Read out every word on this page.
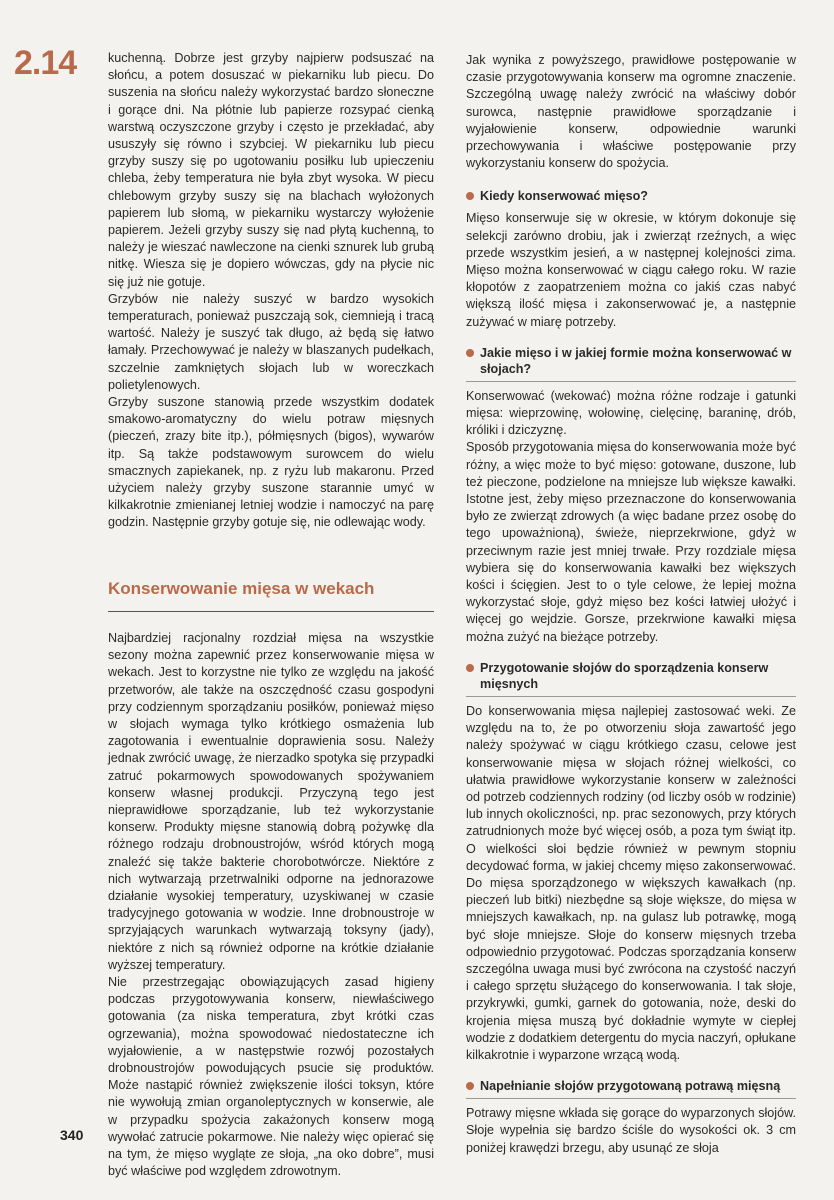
2.14	kuchenną. Dobrze jest grzyby najpierw podsuszać na słońcu, a potem dosuszać w piekarniku lub piecu. Do suszenia na słońcu należy wykorzystać bardzo słoneczne i gorące dni. Na płótnie lub papierze rozsypać cienką warstwą oczyszczone grzyby i często je przekładać, aby ususzyły się równo i szybciej. W piekarniku lub piecu grzyby suszy się po ugotowaniu posiłku lub upieczeniu chleba, żeby temperatura nie była zbyt wysoka. W piecu chlebowym grzyby suszy się na blachach wyłożonych papierem lub słomą, w piekarniku wystarczy wyłożenie papierem. Jeżeli grzyby suszy się nad płytą kuchenną, to należy je wieszać nawleczone na cienki sznurek lub grubą nitkę. Wiesza się je dopiero wówczas, gdy na płycie nic się już nie gotuje.

Grzybów nie należy suszyć w bardzo wysokich temperaturach, ponieważ puszczają sok, ciemnieją i tracą wartość. Należy je suszyć tak długo, aż będą się łatwo łamały. Przechowywać je należy w blaszanych pudełkach, szczelnie zamkniętych słojach lub w woreczkach polietylenowych.

Grzyby suszone stanowią przede wszystkim dodatek smakowo-aromatyczny do wielu potraw mięsnych (pieczeń, zrazy bite itp.), półmięsnych (bigos), wywarów itp. Są także podstawowym surowcem do wielu smacznych zapiekanek, np. z ryżu lub makaronu. Przed użyciem należy grzyby suszone starannie umyć w kilkakrotnie zmienianej letniej wodzie i namoczyć na parę godzin. Następnie grzyby gotuje się, nie odlewając wody.

Konserwowanie mięsa w wekach

Najbardziej racjonalny rozdział mięsa na wszystkie sezony można zapewnić przez konserwowanie mięsa w wekach. Jest to korzystne nie tylko ze względu na jakość przetworów, ale także na oszczędność czasu gospodyni przy codziennym sporządzaniu posiłków, ponieważ mięso w słojach wymaga tylko krótkiego osmażenia lub zagotowania i ewentualnie doprawienia sosu. Należy jednak zwrócić uwagę, że nierzadko spotyka się przypadki zatruć pokarmowych spowodowanych spożywaniem konserw własnej produkcji. Przyczyną tego jest nieprawidłowe sporządzanie, lub też wykorzystanie konserw. Produkty mięsne stanowią dobrą pożywkę dla różnego rodzaju drobnoustrojów, wśród których mogą znaleźć się także bakterie chorobotwórcze. Niektóre z nich wytwarzają przetrwalniki odporne na jednorazowe działanie wysokiej temperatury, uzyskiwanej w czasie tradycyjnego gotowania w wodzie. Inne drobnoustroje w sprzyjających warunkach wytwarzają toksyny (jady), niektóre z nich są również odporne na krótkie działanie wyższej temperatury.

Nie przestrzegając obowiązujących zasad higieny podczas przygotowywania konserw, niewłaściwego gotowania (za niska temperatura, zbyt krótki czas ogrzewania), można spowodować niedostateczne ich wyjałowienie, a w następstwie rozwój pozostałych drobnoustrojów powodujących psucie się produktów. Może nastąpić również zwiększenie ilości toksyn, które nie wywołują zmian organoleptycznych w konserwie, ale w przypadku spożycia zakażonych konserw mogą wywołać zatrucie pokarmowe. Nie należy więc opierać się na tym, że mięso wygląte ze słoja, „na oko dobre”, musi być właściwe pod względem zdrowotnym.

Jak wynika z powyższego, prawidłowe postępowanie w czasie przygotowywania konserw ma ogromne znaczenie. Szczególną uwagę należy zwrócić na właściwy dobór surowca, następnie prawidłowe sporządzanie i wyjałowienie konserw, odpowiednie warunki przechowywania i właściwe postępowanie przy wykorzystaniu konserw do spożycia.

Kiedy konserwować mięso?

Mięso konserwuje się w okresie, w którym dokonuje się selekcji zarówno drobiu, jak i zwierząt rzeźnych, a więc przede wszystkim jesień, a w następnej kolejności zima. Mięso można konserwować w ciągu całego roku. W razie kłopotów z zaopatrzeniem można co jakiś czas nabyć większą ilość mięsa i zakonserwować je, a następnie zużywać w miarę potrzeby.

Jakie mięso i w jakiej formie można konserwować w słojach?

Konserwować (wekować) można różne rodzaje i gatunki mięsa: wieprzowinę, wołowinę, cielęcinę, baraninę, drób, króliki i dziczyznę.

Sposób przygotowania mięsa do konserwowania może być różny, a więc może to być mięso: gotowane, duszone, lub też pieczone, podzielone na mniejsze lub większe kawałki. Istotne jest, żeby mięso przeznaczone do konserwowania było ze zwierząt zdrowych (a więc badane przez osobę do tego upoważnioną), świeże, nieprzekrwione, gdyż w przeciwnym razie jest mniej trwałe. Przy rozdziale mięsa wybiera się do konserwowania kawałki bez większych kości i ścięgien. Jest to o tyle celowe, że lepiej można wykorzystać słoje, gdyż mięso bez kości łatwiej ułożyć i więcej go wejdzie. Gorsze, przekrwione kawałki mięsa można zużyć na bieżące potrzeby.

Przygotowanie słojów do sporządzenia konserw mięsnych

Do konserwowania mięsa najlepiej zastosować weki. Ze względu na to, że po otworzeniu słoja zawartość jego należy spożywać w ciągu krótkiego czasu, celowe jest konserwowanie mięsa w słojach różnej wielkości, co ułatwia prawidłowe wykorzystanie konserw w zależności od potrzeb codziennych rodziny (od liczby osób w rodzinie) lub innych okoliczności, np. prac sezonowych, przy których zatrudnionych może być więcej osób, a poza tym świąt itp. O wielkości słoi będzie również w pewnym stopniu decydować forma, w jakiej chcemy mięso zakonserwować. Do mięsa sporządzonego w większych kawałkach (np. pieczeń lub bitki) niezbędne są słoje większe, do mięsa w mniejszych kawałkach, np. na gulasz lub potrawkę, mogą być słoje mniejsze. Słoje do konserw mięsnych trzeba odpowiednio przygotować. Podczas sporządzania konserw szczególna uwaga musi być zwrócona na czystość naczyń i całego sprzętu służącego do konserwowania. I tak słoje, przykrywki, gumki, garnek do gotowania, noże, deski do krojenia mięsa muszą być dokładnie wymyte w ciepłej wodzie z dodatkiem detergentu do mycia naczyń, opłukane kilkakrotnie i wyparzone wrzącą wodą.

Napełnianie słojów przygotowaną potrawą mięsną

Potrawy mięsne wkłada się gorące do wyparzonych słojów. Słoje wypełnia się bardzo ściśle do wysokości ok. 3 cm poniżej krawędzi brzegu, aby usunąć ze słoja

340
